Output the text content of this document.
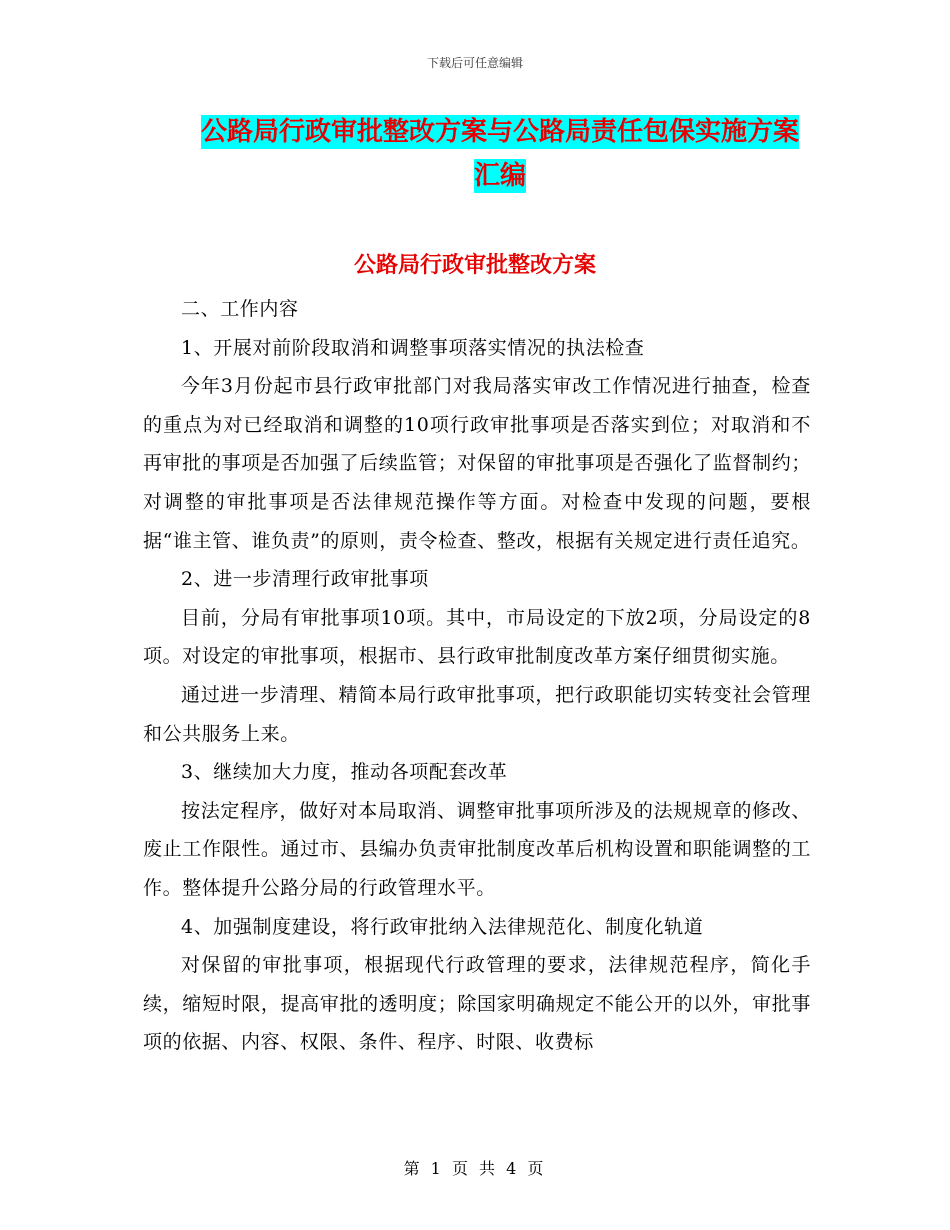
下载后可任意编辑
公路局行政审批整改方案与公路局责任包保实施方案
汇编
公路局行政审批整改方案

二、工作内容

1、开展对前阶段取消和调整事项落实情况的执法检查

今年3月份起市县行政审批部门对我局落实审改工作情况进行抽查，检查的重点为对已经取消和调整的10项行政审批事项是否落实到位；对取消和不再审批的事项是否加强了后续监管；对保留的审批事项是否强化了监督制约；对调整的审批事项是否法律规范操作等方面。对检查中发现的问题，要根据“谁主管、谁负责”的原则，责令检查、整改，根据有关规定进行责任追究。

2、进一步清理行政审批事项

目前，分局有审批事项10项。其中，市局设定的下放2项，分局设定的8项。对设定的审批事项，根据市、县行政审批制度改革方案仔细贯彻实施。

通过进一步清理、精简本局行政审批事项，把行政职能切实转变社会管理和公共服务上来。

3、继续加大力度，推动各项配套改革

按法定程序，做好对本局取消、调整审批事项所涉及的法规规章的修改、废止工作限性。通过市、县编办负责审批制度改革后机构设置和职能调整的工作。整体提升公路分局的行政管理水平。

4、加强制度建设，将行政审批纳入法律规范化、制度化轨道

对保留的审批事项，根据现代行政管理的要求，法律规范程序，简化手续，缩短时限，提高审批的透明度；除国家明确规定不能公开的以外，审批事项的依据、内容、权限、条件、程序、时限、收费标

第 1 页 共 4 页
